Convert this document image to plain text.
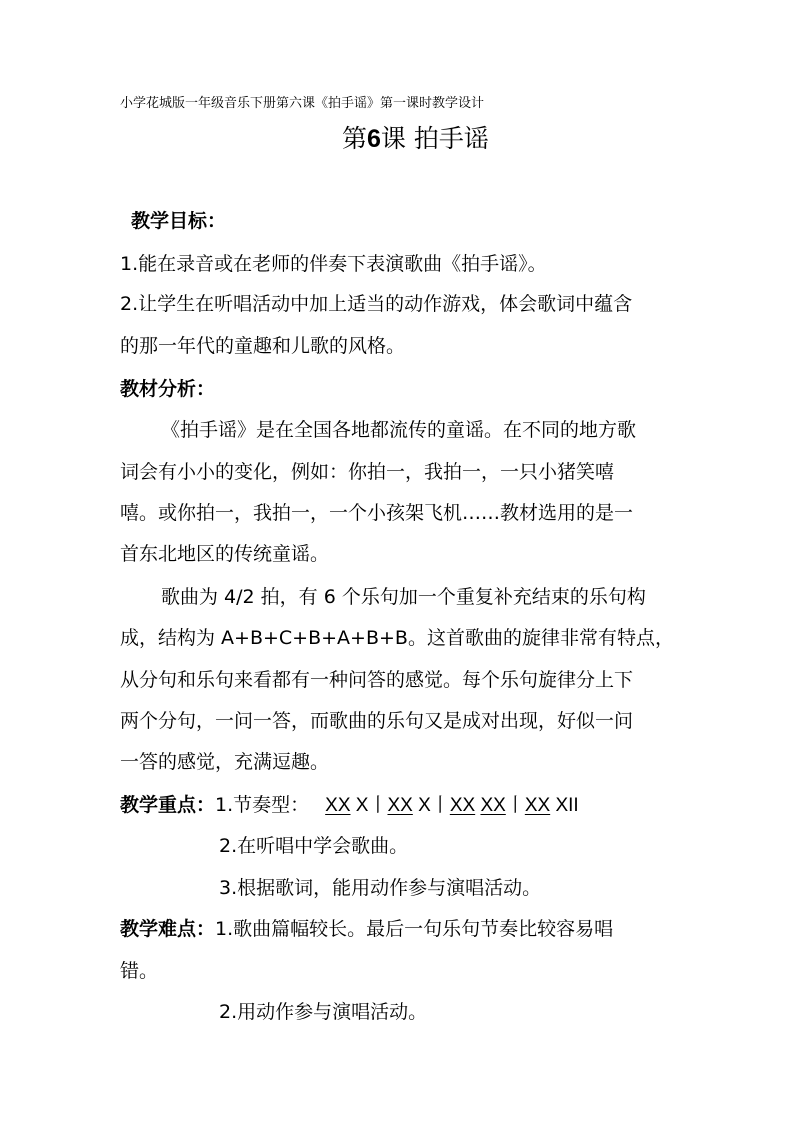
小学花城版一年级音乐下册第六课《拍手谣》第一课时教学设计
第6课 拍手谣
教学目标：
1.能在录音或在老师的伴奏下表演歌曲《拍手谣》。
2.让学生在听唱活动中加上适当的动作游戏，体会歌词中蕴含
的那一年代的童趣和儿歌的风格。
教材分析：
《拍手谣》是在全国各地都流传的童谣。在不同的地方歌
词会有小小的变化，例如：你拍一，我拍一，一只小猪笑嘻
嘻。或你拍一，我拍一，一个小孩架飞机……教材选用的是一
首东北地区的传统童谣。
歌曲为 4/2 拍，有 6 个乐句加一个重复补充结束的乐句构
成，结构为 A+B+C+B+A+B+B。这首歌曲的旋律非常有特点，
从分句和乐句来看都有一种问答的感觉。每个乐句旋律分上下
两个分句，一问一答，而歌曲的乐句又是成对出现，好似一问
一答的感觉，充满逗趣。
教学重点：1.节奏型： XX X丨XX X丨XX XX丨XX XII
2.在听唱中学会歌曲。
3.根据歌词，能用动作参与演唱活动。
教学难点：1.歌曲篇幅较长。最后一句乐句节奏比较容易唱
错。
2.用动作参与演唱活动。
